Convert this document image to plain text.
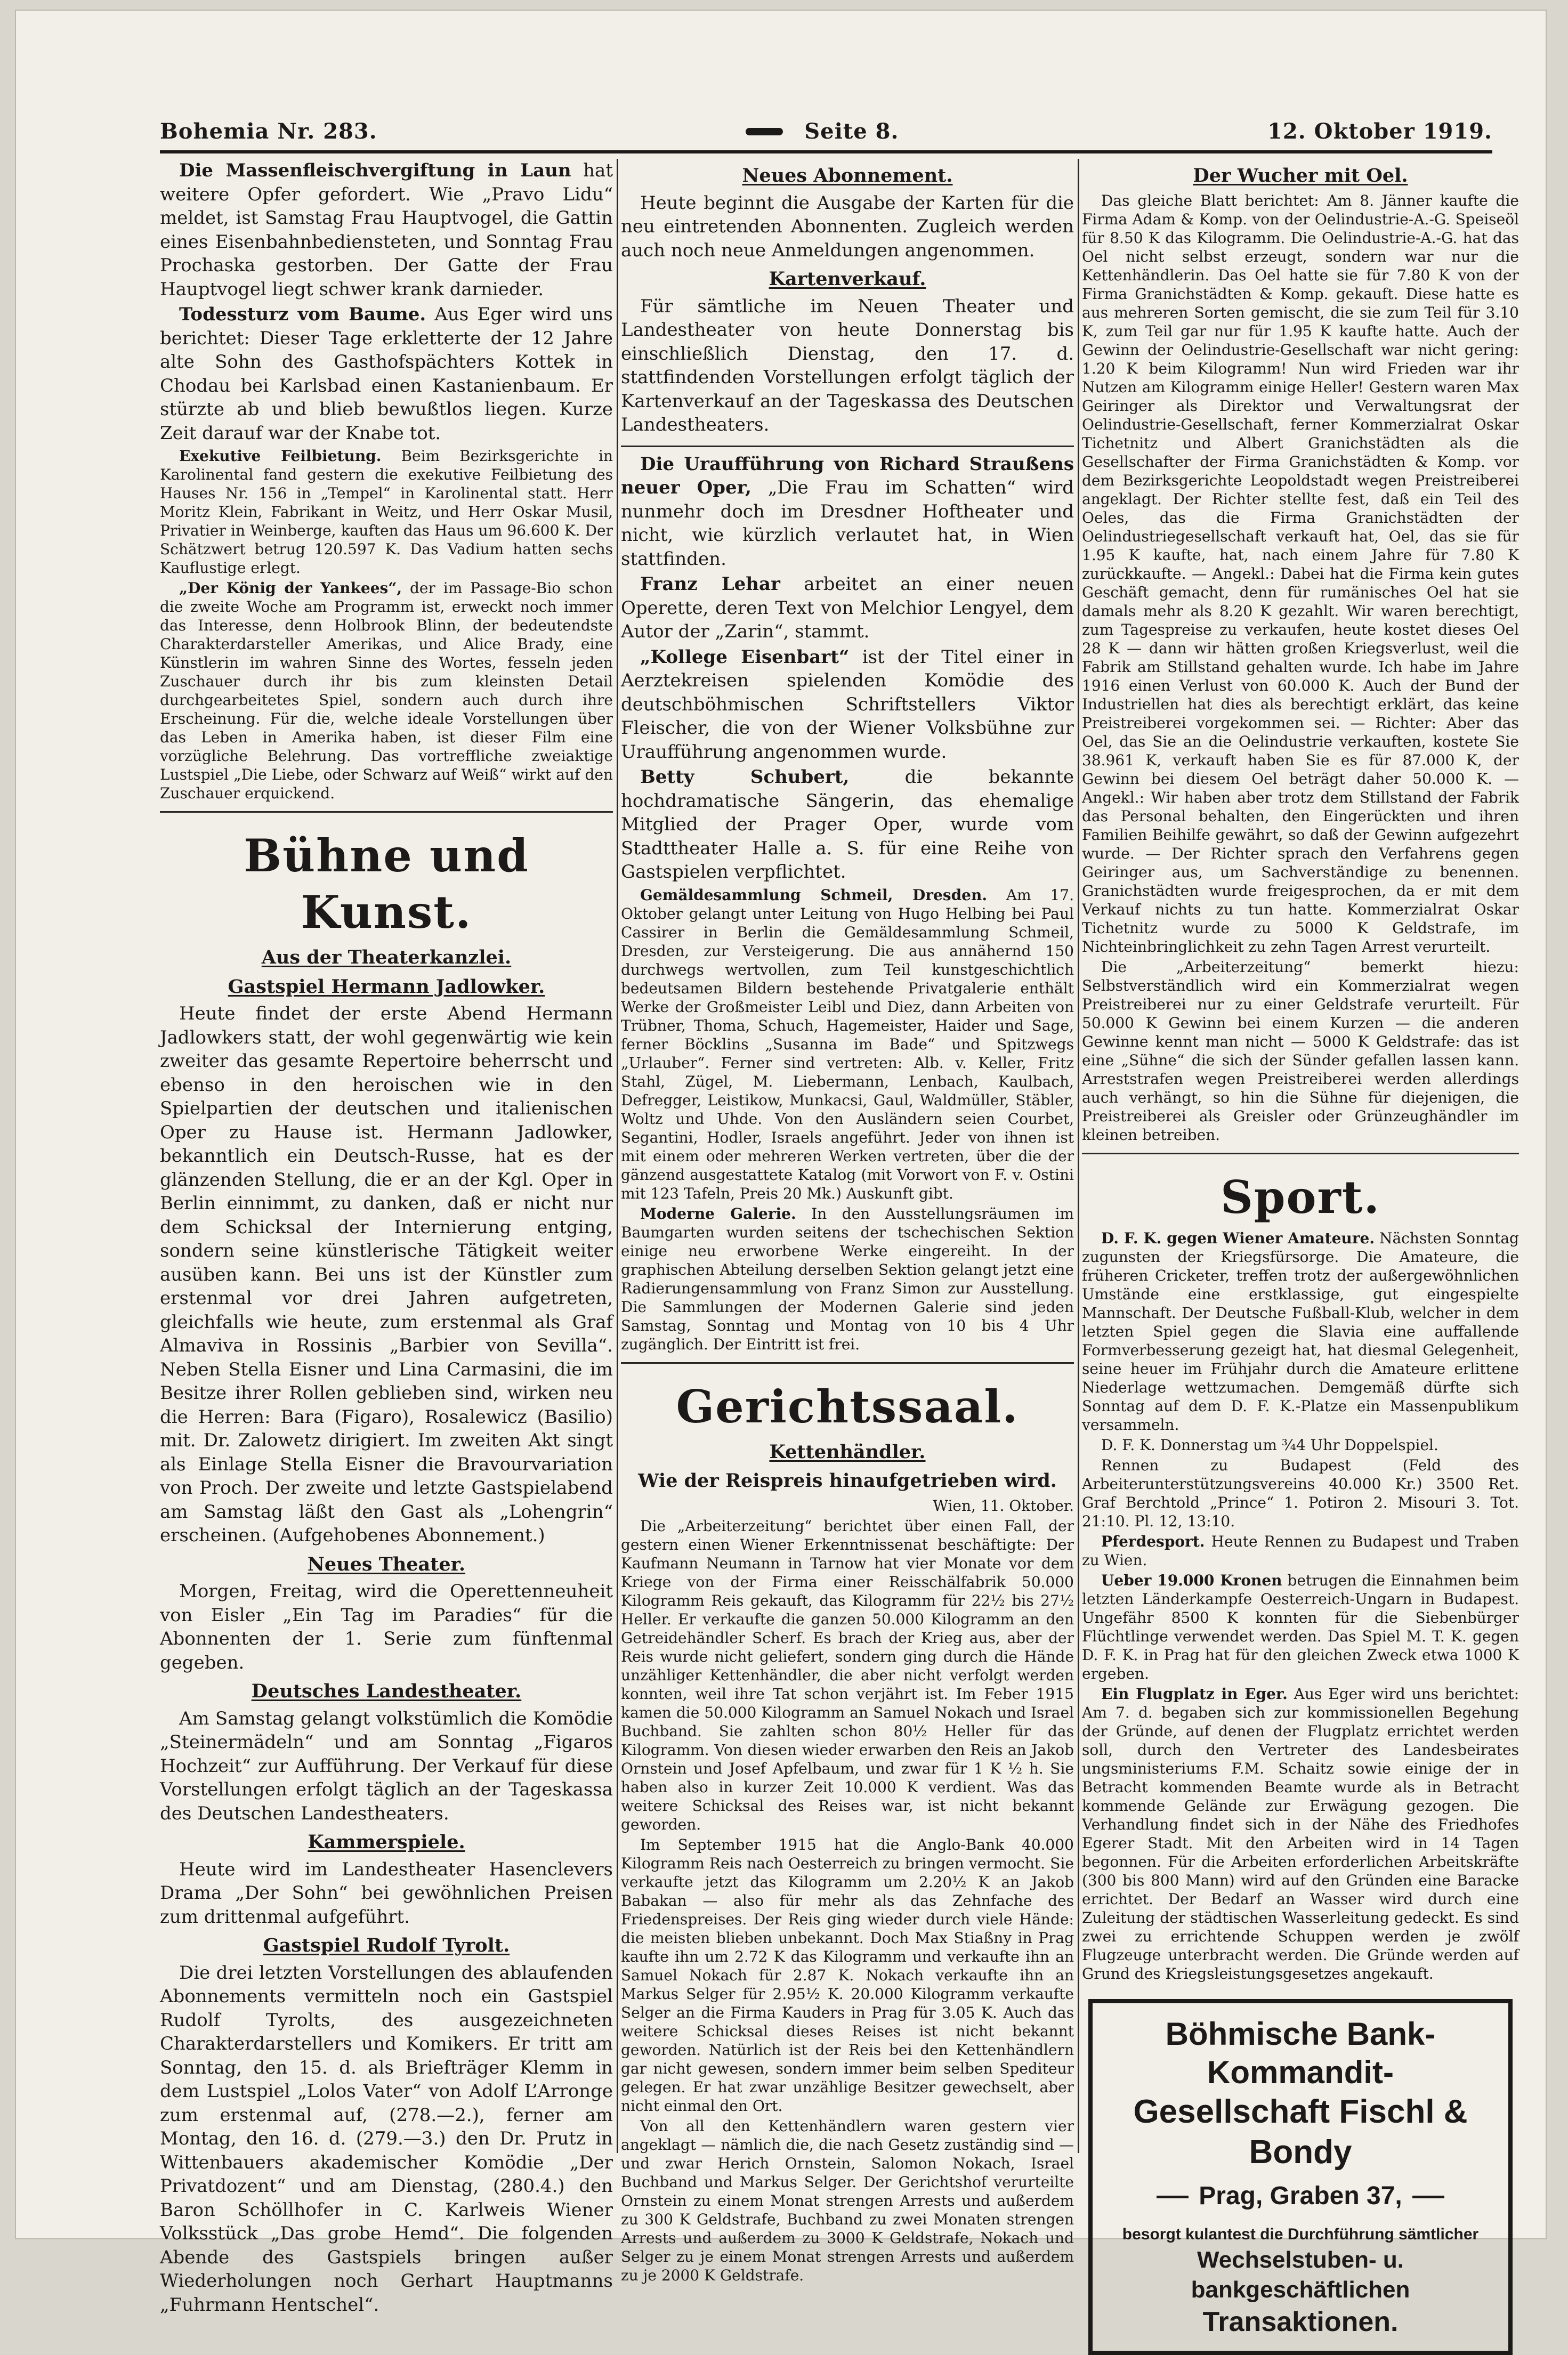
Bohemia Nr. 283.	Seite 8.	12. Oktober 1919.

Die Massenfleischvergiftung in Laun hat weitere Opfer gefordert. Wie „Pravo Lidu“ meldet, ist Samstag Frau Hauptvogel, die Gattin eines Eisenbahnbediensteten, und Sonntag Frau Prochaska gestorben. Der Gatte der Frau Hauptvogel liegt schwer krank darnieder.

Todessturz vom Baume. Aus Eger wird uns berichtet: Dieser Tage erkletterte der 12 Jahre alte Sohn des Gasthofspächters Kottek in Chodau bei Karlsbad einen Kastanienbaum. Er stürzte ab und blieb bewußtlos liegen. Kurze Zeit darauf war der Knabe tot.

Exekutive Feilbietung. Beim Bezirksgerichte in Karolinental fand gestern die exekutive Feilbietung des Hauses Nr. 156 in „Tempel“ in Karolinental statt. Herr Moritz Klein, Fabrikant in Weitz, und Herr Oskar Musil, Privatier in Weinberge, kauften das Haus um 96.600 K. Der Schätzwert betrug 120.597 K. Das Vadium hatten sechs Kauflustige erlegt.

„Der König der Yankees“, der im Passage-Bio schon die zweite Woche am Programm ist, erweckt noch immer das Interesse, denn Holbrook Blinn, der bedeutendste Charakterdarsteller Amerikas, und Alice Brady, eine Künstlerin im wahren Sinne des Wortes, fesseln jeden Zuschauer durch ihr bis zum kleinsten Detail durchgearbeitetes Spiel, sondern auch durch ihre Erscheinung. Für die, welche ideale Vorstellungen über das Leben in Amerika haben, ist dieser Film eine vorzügliche Belehrung. Das vortreffliche zweiaktige Lustspiel „Die Liebe, oder Schwarz auf Weiß“ wirkt auf den Zuschauer erquickend.

Bühne und Kunst.
Aus der Theaterkanzlei.
Gastspiel Hermann Jadlowker.

Heute findet der erste Abend Hermann Jadlowkers statt, der wohl gegenwärtig wie kein zweiter das gesamte Repertoire beherrscht und ebenso in den heroischen wie in den Spielpartien der deutschen und italienischen Oper zu Hause ist. Hermann Jadlowker, bekanntlich ein Deutsch-Russe, hat es der glänzenden Stellung, die er an der Kgl. Oper in Berlin einnimmt, zu danken, daß er nicht nur dem Schicksal der Internierung entging, sondern seine künstlerische Tätigkeit weiter ausüben kann. Bei uns ist der Künstler zum erstenmal vor drei Jahren aufgetreten, gleichfalls wie heute, zum erstenmal als Graf Almaviva in Rossinis „Barbier von Sevilla“. Neben Stella Eisner und Lina Carmasini, die im Besitze ihrer Rollen geblieben sind, wirken neu die Herren: Bara (Figaro), Rosalewicz (Basilio) mit. Dr. Zalowetz dirigiert. Im zweiten Akt singt als Einlage Stella Eisner die Bravourvariation von Proch. Der zweite und letzte Gastspielabend am Samstag läßt den Gast als „Lohengrin“ erscheinen. (Aufgehobenes Abonnement.)

Neues Theater.

Morgen, Freitag, wird die Operettenneuheit von Eisler „Ein Tag im Paradies“ für die Abonnenten der 1. Serie zum fünftenmal gegeben.

Deutsches Landestheater.

Am Samstag gelangt volkstümlich die Komödie „Steinermädeln“ und am Sonntag „Figaros Hochzeit“ zur Aufführung. Der Verkauf für diese Vorstellungen erfolgt täglich an der Tageskassa des Deutschen Landestheaters.

Kammerspiele.

Heute wird im Landestheater Hasenclevers Drama „Der Sohn“ bei gewöhnlichen Preisen zum drittenmal aufgeführt.

Gastspiel Rudolf Tyrolt.

Die drei letzten Vorstellungen des ablaufenden Abonnements vermitteln noch ein Gastspiel Rudolf Tyrolts, des ausgezeichneten Charakterdarstellers und Komikers. Er tritt am Sonntag, den 15. d. als Briefträger Klemm in dem Lustspiel „Lolos Vater“ von Adolf L’Arronge zum erstenmal auf, (278.—2.), ferner am Montag, den 16. d. (279.—3.) den Dr. Prutz in Wittenbauers akademischer Komödie „Der Privatdozent“ und am Dienstag, (280.4.) den Baron Schöllhofer in C. Karlweis Wiener Volksstück „Das grobe Hemd“. Die folgenden Abende des Gastspiels bringen außer Wiederholungen noch Gerhart Hauptmanns „Fuhrmann Hentschel“.

Neues Abonnement.

Heute beginnt die Ausgabe der Karten für die neu eintretenden Abonnenten. Zugleich werden auch noch neue Anmeldungen angenommen.

Kartenverkauf.

Für sämtliche im Neuen Theater und Landestheater von heute Donnerstag bis einschließlich Dienstag, den 17. d. stattfindenden Vorstellungen erfolgt täglich der Kartenverkauf an der Tageskassa des Deutschen Landestheaters.

Die Uraufführung von Richard Straußens neuer Oper, „Die Frau im Schatten“ wird nunmehr doch im Dresdner Hoftheater und nicht, wie kürzlich verlautet hat, in Wien stattfinden.

Franz Lehar arbeitet an einer neuen Operette, deren Text von Melchior Lengyel, dem Autor der „Zarin“, stammt.

„Kollege Eisenbart“ ist der Titel einer in Aerztekreisen spielenden Komödie des deutschböhmischen Schriftstellers Viktor Fleischer, die von der Wiener Volksbühne zur Uraufführung angenommen wurde.

Betty Schubert,	die bekannte hochdramatische Sängerin, das ehemalige Mitglied der Prager Oper, wurde vom Stadttheater Halle a. S. für eine Reihe von Gastspielen verpflichtet.

Gemäldesammlung Schmeil, Dresden. Am 17. Oktober gelangt unter Leitung von Hugo Helbing bei Paul Cassirer in Berlin die Gemäldesammlung Schmeil, Dresden, zur Versteigerung. Die aus annähernd 150 durchwegs wertvollen, zum Teil kunstgeschichtlich bedeutsamen Bildern bestehende Privatgalerie enthält Werke der Großmeister Leibl und Diez, dann Arbeiten von Trübner, Thoma, Schuch, Hagemeister, Haider und Sage, ferner Böcklins „Susanna im Bade“ und Spitzwegs „Urlauber“. Ferner sind vertreten: Alb. v. Keller, Fritz Stahl, Zügel, M. Liebermann, Lenbach, Kaulbach, Defregger, Leistikow, Munkacsi, Gaul, Waldmüller, Stäbler, Woltz und Uhde. Von den Ausländern seien Courbet, Segantini, Hodler, Israels angeführt. Jeder von ihnen ist mit einem oder mehreren Werken vertreten, über die der gänzend ausgestattete Katalog (mit Vorwort von F. v. Ostini mit 123 Tafeln, Preis 20 Mk.) Auskunft gibt.

Moderne Galerie. In den Ausstellungsräumen im Baumgarten wurden seitens der tschechischen Sektion einige neu erworbene Werke eingereiht. In der graphischen Abteilung derselben Sektion gelangt jetzt eine Radierungensammlung von Franz Simon zur Ausstellung. Die Sammlungen der Modernen Galerie sind jeden Samstag, Sonntag und Montag von 10 bis 4 Uhr zugänglich. Der Eintritt ist frei.

Gerichtssaal.
Kettenhändler.
Wie der Reispreis hinaufgetrieben wird.

Wien, 11. Oktober.

Die „Arbeiterzeitung“ berichtet über einen Fall, der gestern einen Wiener Erkenntnissenat beschäftigte: Der Kaufmann Neumann in Tarnow hat vier Monate vor dem Kriege von der Firma einer Reisschälfabrik 50.000 Kilogramm Reis gekauft, das Kilogramm für 22½ bis 27½ Heller. Er verkaufte die ganzen 50.000 Kilogramm an den Getreidehändler Scherf. Es brach der Krieg aus, aber der Reis wurde nicht geliefert, sondern ging durch die Hände unzähliger Kettenhändler, die aber nicht verfolgt werden konnten, weil ihre Tat schon verjährt ist. Im Feber 1915 kamen die 50.000 Kilogramm an Samuel Nokach und Israel Buchband. Sie zahlten schon 80½ Heller für das Kilogramm. Von diesen wieder erwarben den Reis an Jakob Ornstein und Josef Apfelbaum, und zwar für 1 K ½ h. Sie haben also in kurzer Zeit 10.000 K verdient. Was das weitere Schicksal des Reises war, ist nicht bekannt geworden.

Im September 1915 hat die Anglo-Bank 40.000 Kilogramm Reis nach Oesterreich zu bringen vermocht. Sie verkaufte jetzt das Kilogramm um 2.20½ K an Jakob Babakan — also für mehr als das Zehnfache des Friedenspreises. Der Reis ging wieder durch viele Hände: die meisten blieben unbekannt. Doch Max Stiaßny in Prag kaufte ihn um 2.72 K das Kilogramm und verkaufte ihn an Samuel Nokach für 2.87 K. Nokach verkaufte ihn an Markus Selger für 2.95½ K. 20.000 Kilogramm verkaufte Selger an die Firma Kauders in Prag für 3.05 K. Auch das weitere Schicksal dieses Reises ist nicht bekannt geworden. Natürlich ist der Reis bei den Kettenhändlern gar nicht gewesen, sondern immer beim selben Spediteur gelegen. Er hat zwar unzählige Besitzer gewechselt, aber nicht einmal den Ort.

Von all den Kettenhändlern waren gestern vier angeklagt — nämlich die, die nach Gesetz zuständig sind — und zwar Herich Ornstein, Salomon Nokach, Israel Buchband und Markus Selger. Der Gerichtshof verurteilte Ornstein zu einem Monat strengen Arrests und außerdem zu 300 K Geldstrafe, Buchband zu zwei Monaten strengen Arrests und außerdem zu 3000 K Geldstrafe, Nokach und Selger zu je einem Monat strengen Arrests und außerdem zu je 2000 K Geldstrafe.

Der Wucher mit Oel.

Das gleiche Blatt berichtet: Am 8. Jänner kaufte die Firma Adam & Komp. von der Oelindustrie-A.-G. Speiseöl für 8.50 K das Kilogramm. Die Oelindustrie-A.-G. hat das Oel nicht selbst erzeugt, sondern war nur die Kettenhändlerin. Das Oel hatte sie für 7.80 K von der Firma Granichstädten & Komp. gekauft. Diese hatte es aus mehreren Sorten gemischt, die sie zum Teil für 3.10 K, zum Teil gar nur für 1.95 K kaufte hatte. Auch der Gewinn der Oelindustrie-Gesellschaft war nicht gering: 1.20 K beim Kilogramm! Nun wird Frieden war ihr Nutzen am Kilogramm einige Heller! Gestern waren Max Geiringer als Direktor und Verwaltungsrat der Oelindustrie-Gesellschaft, ferner Kommerzialrat Oskar Tichetnitz und Albert Granichstädten als die Gesellschafter der Firma Granichstädten & Komp. vor dem Bezirksgerichte Leopoldstadt wegen Preistreiberei angeklagt. Der Richter stellte fest, daß ein Teil des Oeles, das die Firma Granichstädten der Oelindustriegesellschaft verkauft hat, Oel, das sie für 1.95 K kaufte, hat, nach einem Jahre für 7.80 K zurückkaufte. — Angekl.: Dabei hat die Firma kein gutes Geschäft gemacht, denn für rumänisches Oel hat sie damals mehr als 8.20 K gezahlt. Wir waren berechtigt, zum Tagespreise zu verkaufen, heute kostet dieses Oel 28 K — dann wir hätten großen Kriegsverlust, weil die Fabrik am Stillstand gehalten wurde. Ich habe im Jahre 1916 einen Verlust von 60.000 K. Auch der Bund der Industriellen hat dies als berechtigt erklärt, das keine Preistreiberei vorgekommen sei. — Richter: Aber das Oel, das Sie an die Oelindustrie verkauften, kostete Sie 38.961 K, verkauft haben Sie es für 87.000 K, der Gewinn bei diesem Oel beträgt daher 50.000 K. — Angekl.: Wir haben aber trotz dem Stillstand der Fabrik das Personal behalten, den Eingerückten und ihren Familien Beihilfe gewährt, so daß der Gewinn aufgezehrt wurde. — Der Richter sprach den Verfahrens gegen Geiringer aus, um Sachverständige zu benennen. Granichstädten wurde freigesprochen, da er mit dem Verkauf nichts zu tun hatte. Kommerzialrat Oskar Tichetnitz wurde zu 5000 K Geldstrafe, im Nichteinbringlichkeit zu zehn Tagen Arrest verurteilt.

Die „Arbeiterzeitung“ bemerkt hiezu: Selbstverständlich wird ein Kommerzialrat wegen Preistreiberei nur zu einer Geldstrafe verurteilt. Für 50.000 K Gewinn bei einem Kurzen — die anderen Gewinne kennt man nicht — 5000 K Geldstrafe: das ist eine „Sühne“ die sich der Sünder gefallen lassen kann. Arreststrafen wegen Preistreiberei werden allerdings auch verhängt, so hin die Sühne für diejenigen, die Preistreiberei als Greisler oder Grünzeughändler im kleinen betreiben.

Sport.

D. F. K. gegen Wiener Amateure. Nächsten Sonntag zugunsten der Kriegsfürsorge. Die Amateure, die früheren Cricketer, treffen trotz der außergewöhnlichen Umstände eine erstklassige, gut eingespielte Mannschaft. Der Deutsche Fußball-Klub, welcher in dem letzten Spiel gegen die Slavia eine auffallende Formverbesserung gezeigt hat, hat diesmal Gelegenheit, seine heuer im Frühjahr durch die Amateure erlittene Niederlage wettzumachen. Demgemäß dürfte sich Sonntag auf dem D. F. K.-Platze ein Massenpublikum versammeln.

D. F. K. Donnerstag um ¾4 Uhr Doppelspiel.

Rennen zu Budapest (Feld des Arbeiterunterstützungsvereins 40.000 Kr.) 3500 Ret. Graf Berchtold „Prince“ 1. Potiron 2. Misouri 3. Tot. 21:10. Pl. 12, 13:10.

Pferdesport. Heute Rennen zu Budapest und Traben zu Wien.

Ueber 19.000 Kronen betrugen die Einnahmen beim letzten Länderkampfe Oesterreich-Ungarn in Budapest. Ungefähr 8500 K konnten für die Siebenbürger Flüchtlinge verwendet werden. Das Spiel M. T. K. gegen D. F. K. in Prag hat für den gleichen Zweck etwa 1000 K ergeben.

Ein Flugplatz in Eger. Aus Eger wird uns berichtet: Am 7. d. begaben sich zur kommissionellen Begehung der Gründe, auf denen der Flugplatz errichtet werden soll, durch den Vertreter des Landesbeirates ungsministeriums F.M. Schaitz sowie einige der in Betracht kommenden Beamte wurde als in Betracht kommende Gelände zur Erwägung gezogen. Die Verhandlung findet sich in der Nähe des Friedhofes Egerer Stadt. Mit den Arbeiten wird in 14 Tagen begonnen. Für die Arbeiten erforderlichen Arbeitskräfte (300 bis 800 Mann) wird auf den Gründen eine Baracke errichtet. Der Bedarf an Wasser wird durch eine Zuleitung der städtischen Wasserleitung gedeckt. Es sind zwei zu errichtende Schuppen werden je zwölf Flugzeuge unterbracht werden. Die Gründe werden auf Grund des Kriegsleistungsgesetzes angekauft.

Böhmische Bank-Kommandit-
Gesellschaft Fischl & Bondy
Prag, Graben 37,
besorgt kulantest die Durchführung sämtlicher
Wechselstuben- u. bankgeschäftlichen
Transaktionen.
